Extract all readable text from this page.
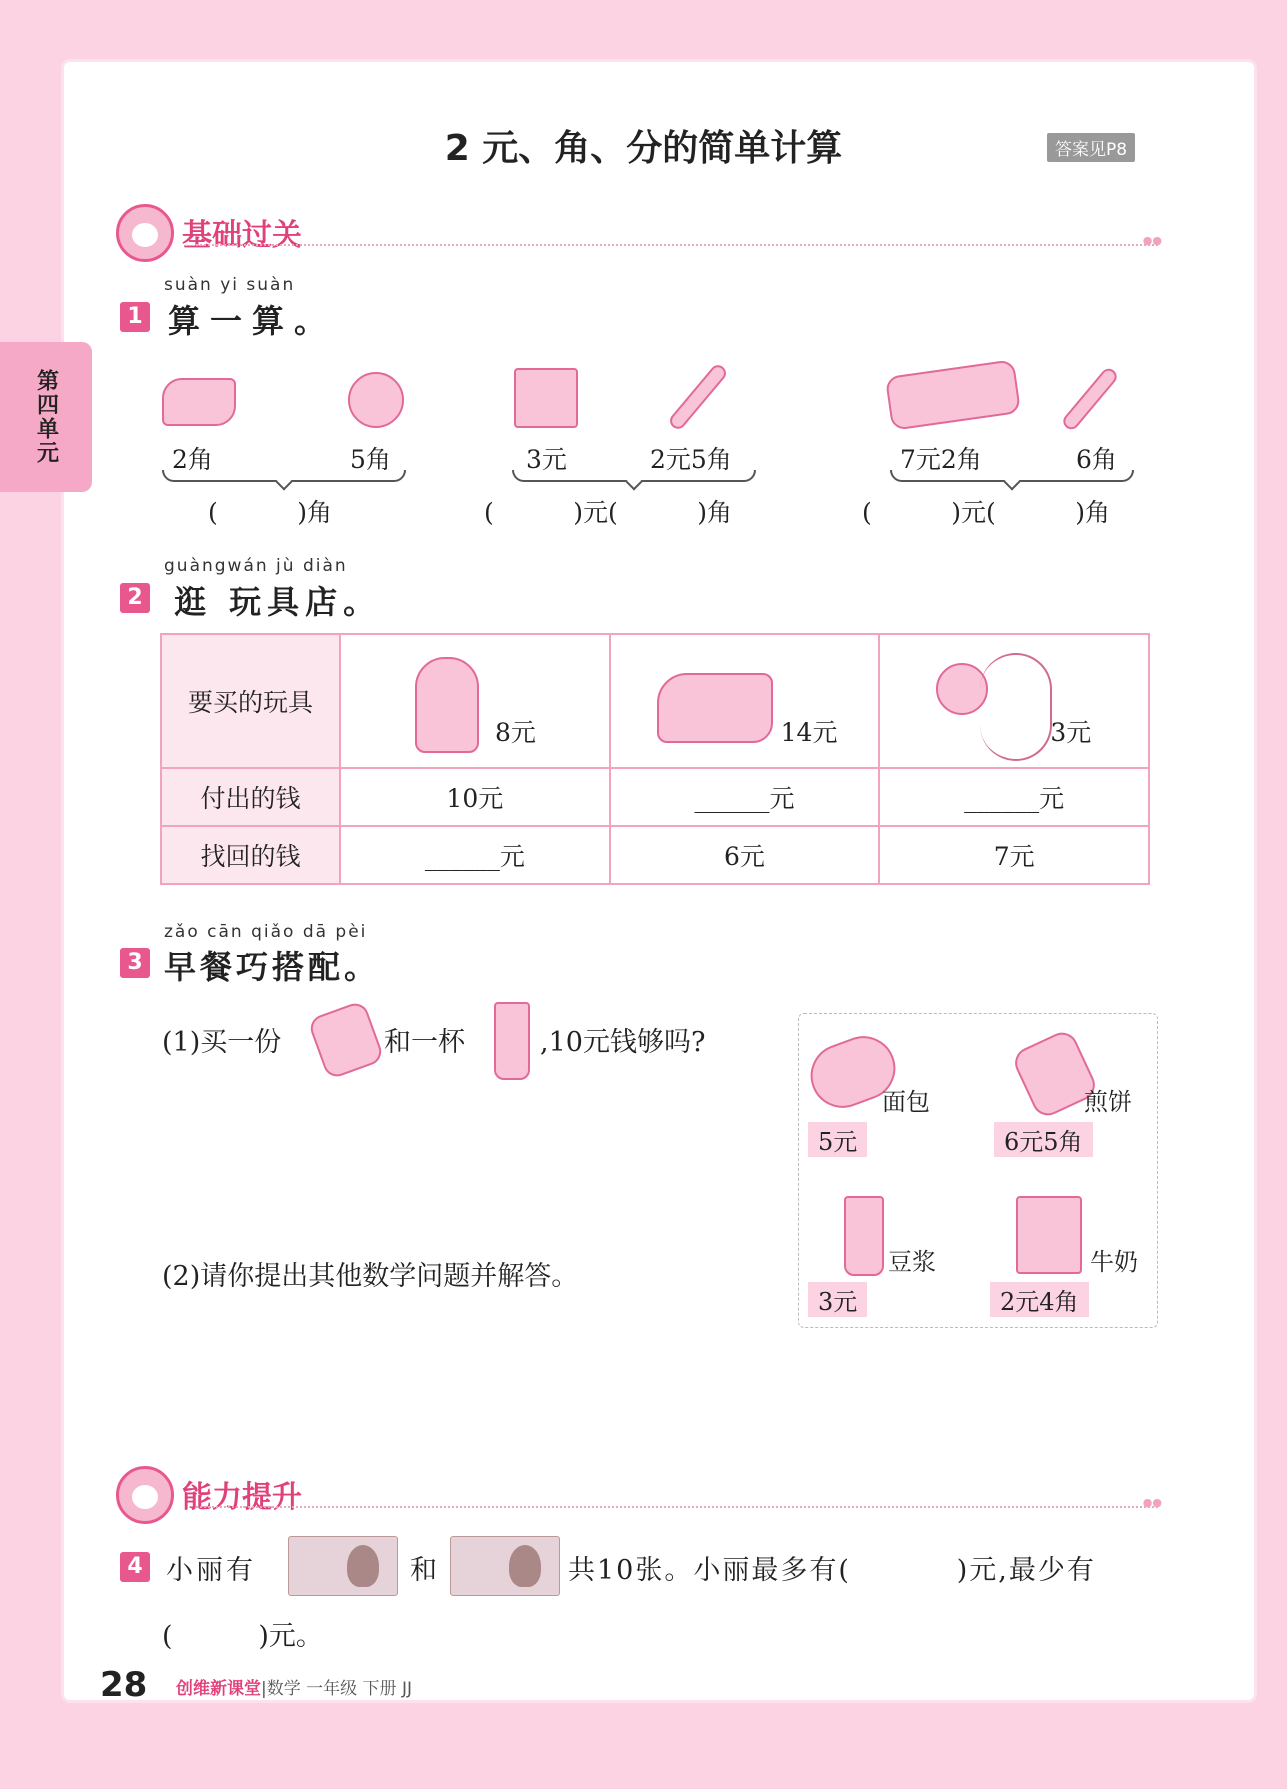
第四单元
2 元、角、分的简单计算	答案见P8
基础过关
●●
suàn yi suàn
1 算一算。
2角	5角
(          )角
3元	2元5角
(          )元(          )角
7元2角	6角
(          )元(          )角
guàngwán jù diàn
2 逛 玩具店。
要买的玩具	8元	14元	3元

付出的钱	10元	______元	______元
找回的钱	______元	6元	7元
zǎo cān qiǎo dā pèi
3 早餐巧搭配。
(1)买一份	和一杯	,10元钱够吗?
(2)请你提出其他数学问题并解答。
面包
5元
煎饼
6元5角
豆浆
3元
牛奶
2元4角
能力提升
●●
4 小丽有	和	共10张。小丽最多有(          )元,最少有
(          )元。
28 创维新课堂|数学 一年级 下册 JJ
